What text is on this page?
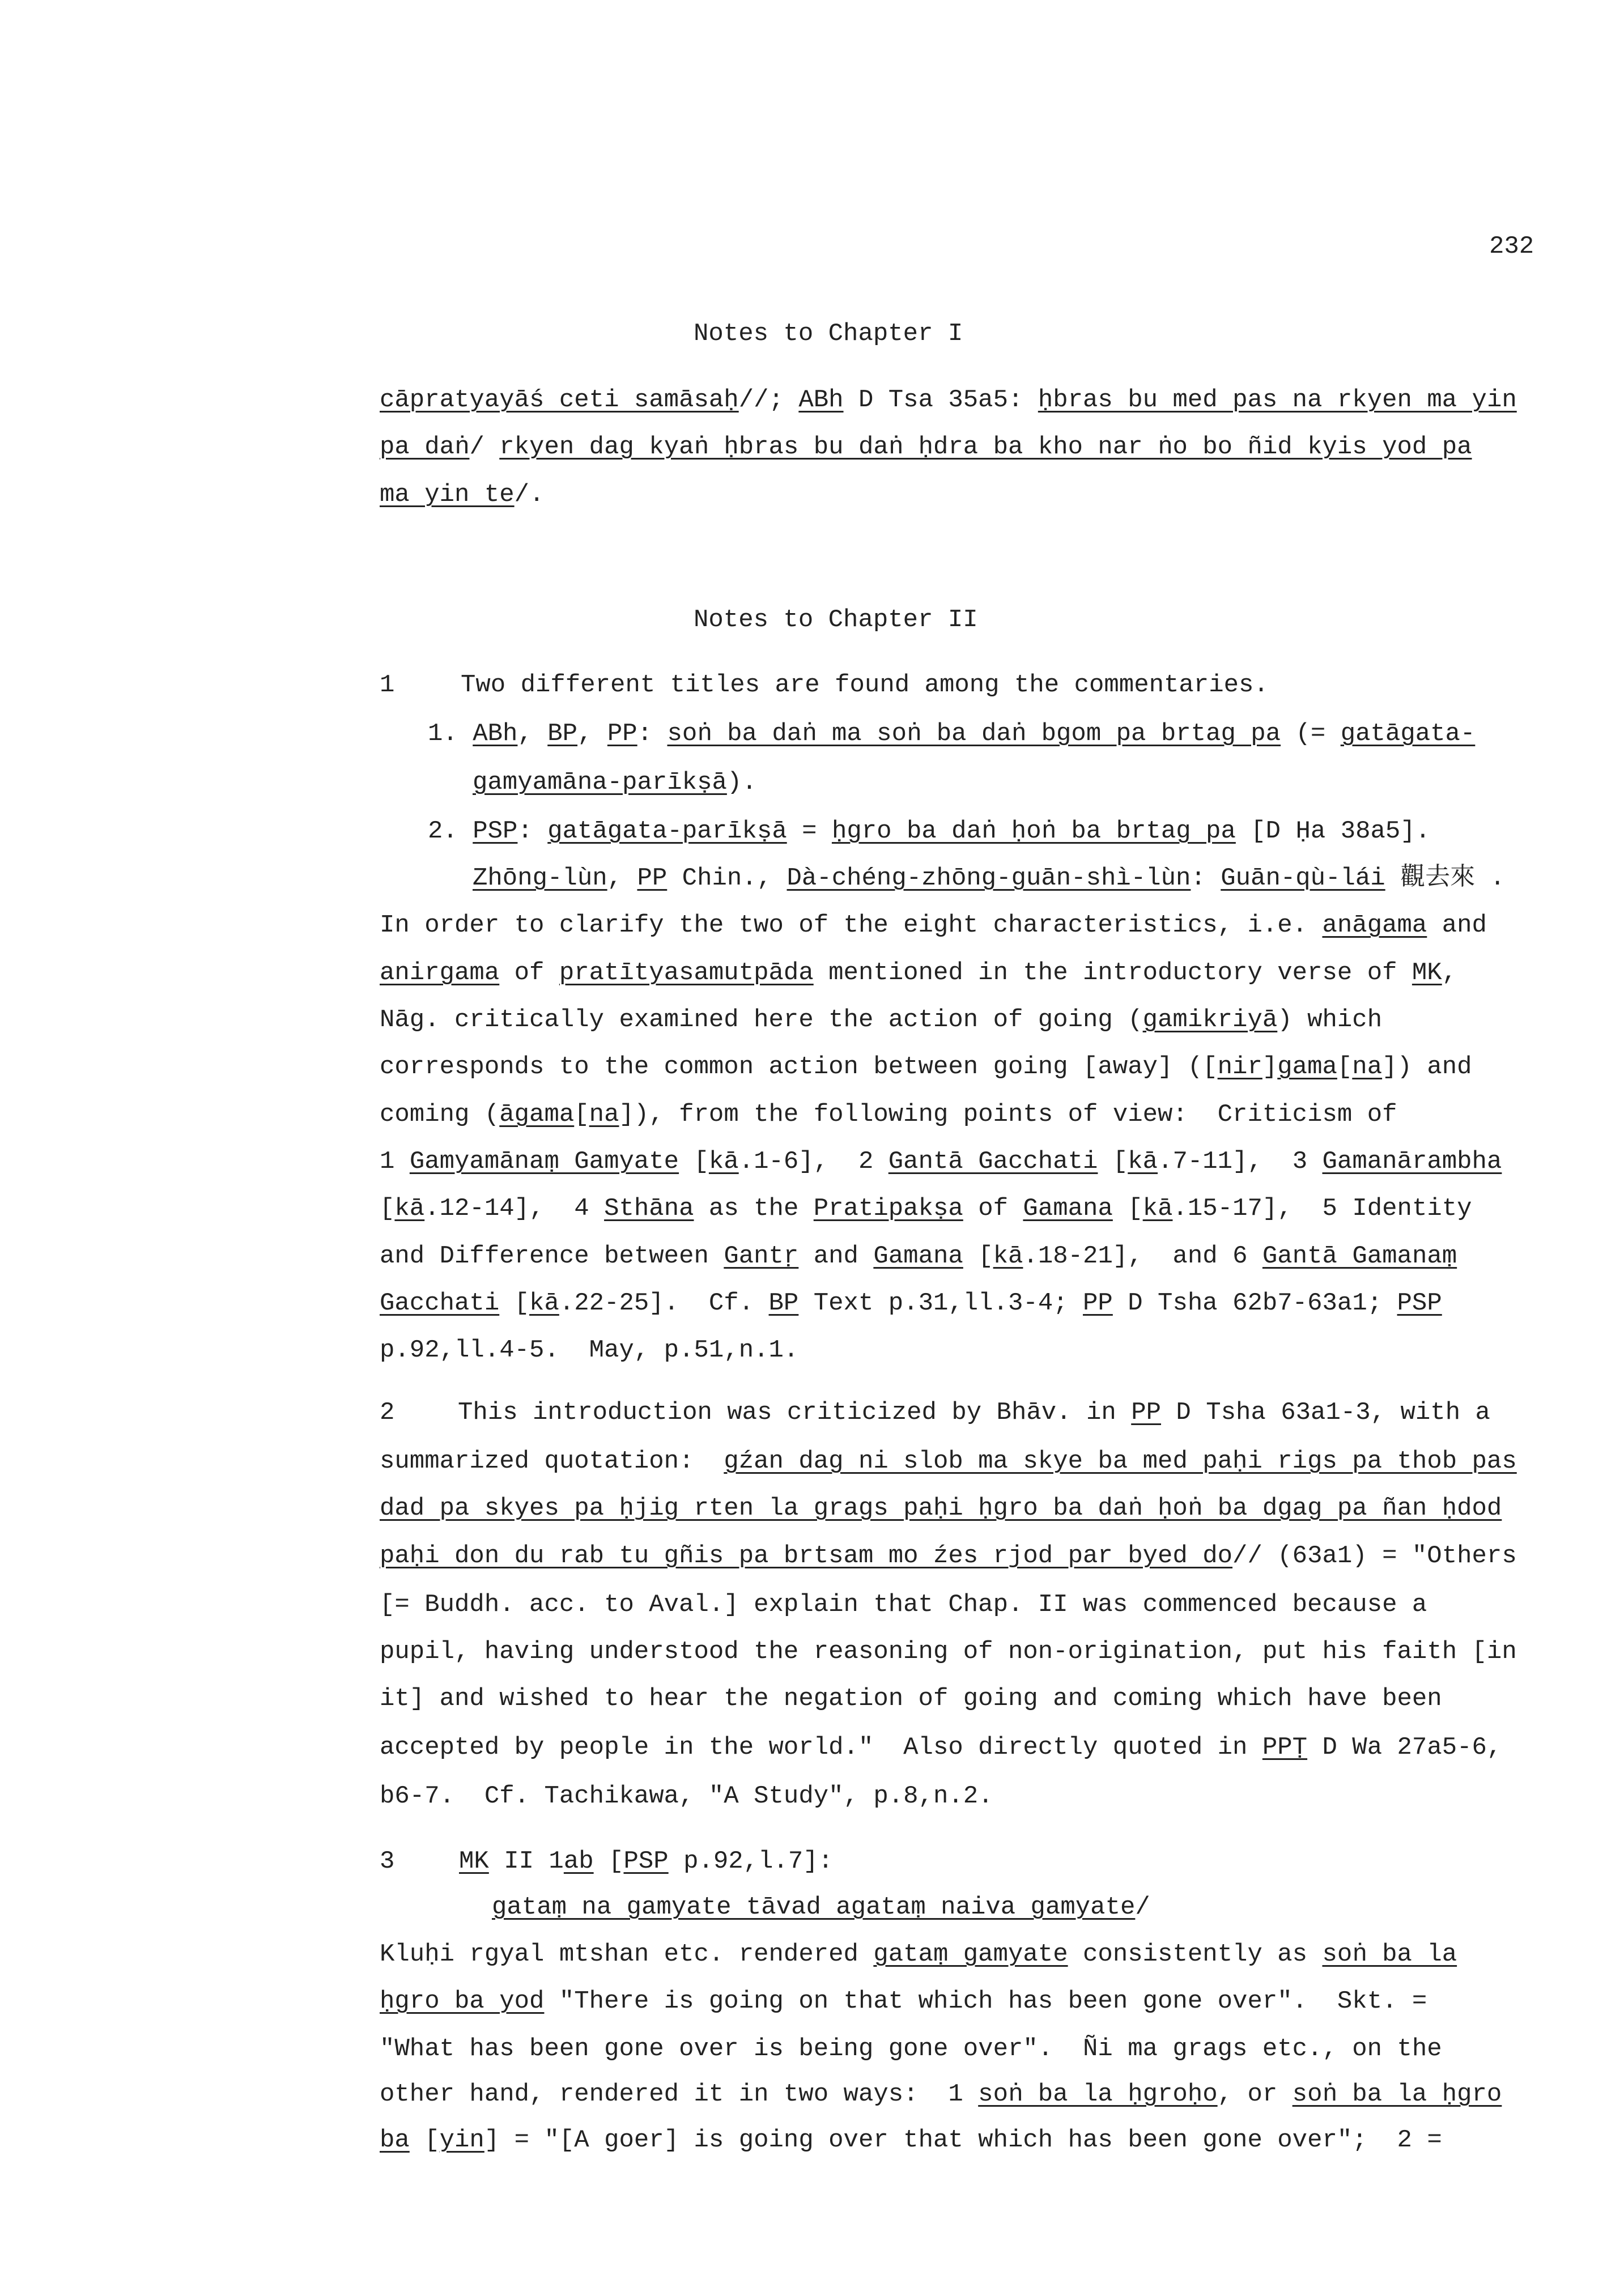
232
Notes to Chapter I
cāpratyayāś ceti samāsaḥ//; ABh D Tsa 35a5: ḥbras bu med pas na rkyen ma yin
pa daṅ/ rkyen dag kyaṅ ḥbras bu daṅ ḥdra ba kho nar ṅo bo ñid kyis yod pa
ma yin te/.
Notes to Chapter II
1	Two different titles are found among the commentaries.
1. ABh, BP, PP: soṅ ba daṅ ma soṅ ba daṅ bgom pa brtag pa (= gatāgata-
gamyamāna-parīkṣā).
2. PSP: gatāgata-parīkṣā = ḥgro ba daṅ ḥoṅ ba brtag pa [D Ḥa 38a5].
Zhōng-lùn, PP Chin., Dà-chéng-zhōng-guān-shì-lùn: Guān-qù-lái 觀去來 .
In order to clarify the two of the eight characteristics, i.e. anāgama and
anirgama of pratītyasamutpāda mentioned in the introductory verse of MK,
Nāg. critically examined here the action of going (gamikriyā) which
corresponds to the common action between going [away] ([nir]gama[na]) and
coming (āgama[na]), from the following points of view:  Criticism of
1 Gamyamānaṃ Gamyate [kā.1-6],  2 Gantā Gacchati [kā.7-11],  3 Gamanārambha
[kā.12-14],  4 Sthāna as the Pratipakṣa of Gamana [kā.15-17],  5 Identity
and Difference between Gantṛ and Gamana [kā.18-21],  and 6 Gantā Gamanaṃ
Gacchati [kā.22-25].  Cf. BP Text p.31,ll.3-4; PP D Tsha 62b7-63a1; PSP
p.92,ll.4-5.  May, p.51,n.1.
2	This introduction was criticized by Bhāv. in PP D Tsha 63a1-3, with a
summarized quotation:  gźan dag ni slob ma skye ba med paḥi rigs pa thob pas
dad pa skyes pa ḥjig rten la grags paḥi ḥgro ba daṅ ḥoṅ ba dgag pa ñan ḥdod
paḥi don du rab tu gñis pa brtsam mo źes rjod par byed do// (63a1) = "Others
[= Buddh. acc. to Aval.] explain that Chap. II was commenced because a
pupil, having understood the reasoning of non-origination, put his faith [in
it] and wished to hear the negation of going and coming which have been
accepted by people in the world."  Also directly quoted in PPṬ D Wa 27a5-6,
b6-7.  Cf. Tachikawa, "A Study", p.8,n.2.
3	MK II 1ab [PSP p.92,l.7]:
gataṃ na gamyate tāvad agataṃ naiva gamyate/
Kluḥi rgyal mtshan etc. rendered gataṃ gamyate consistently as soṅ ba la
ḥgro ba yod "There is going on that which has been gone over".  Skt. =
"What has been gone over is being gone over".  Ñi ma grags etc., on the
other hand, rendered it in two ways:  1 soṅ ba la ḥgroḥo, or soṅ ba la ḥgro
ba [yin] = "[A goer] is going over that which has been gone over";  2 =
